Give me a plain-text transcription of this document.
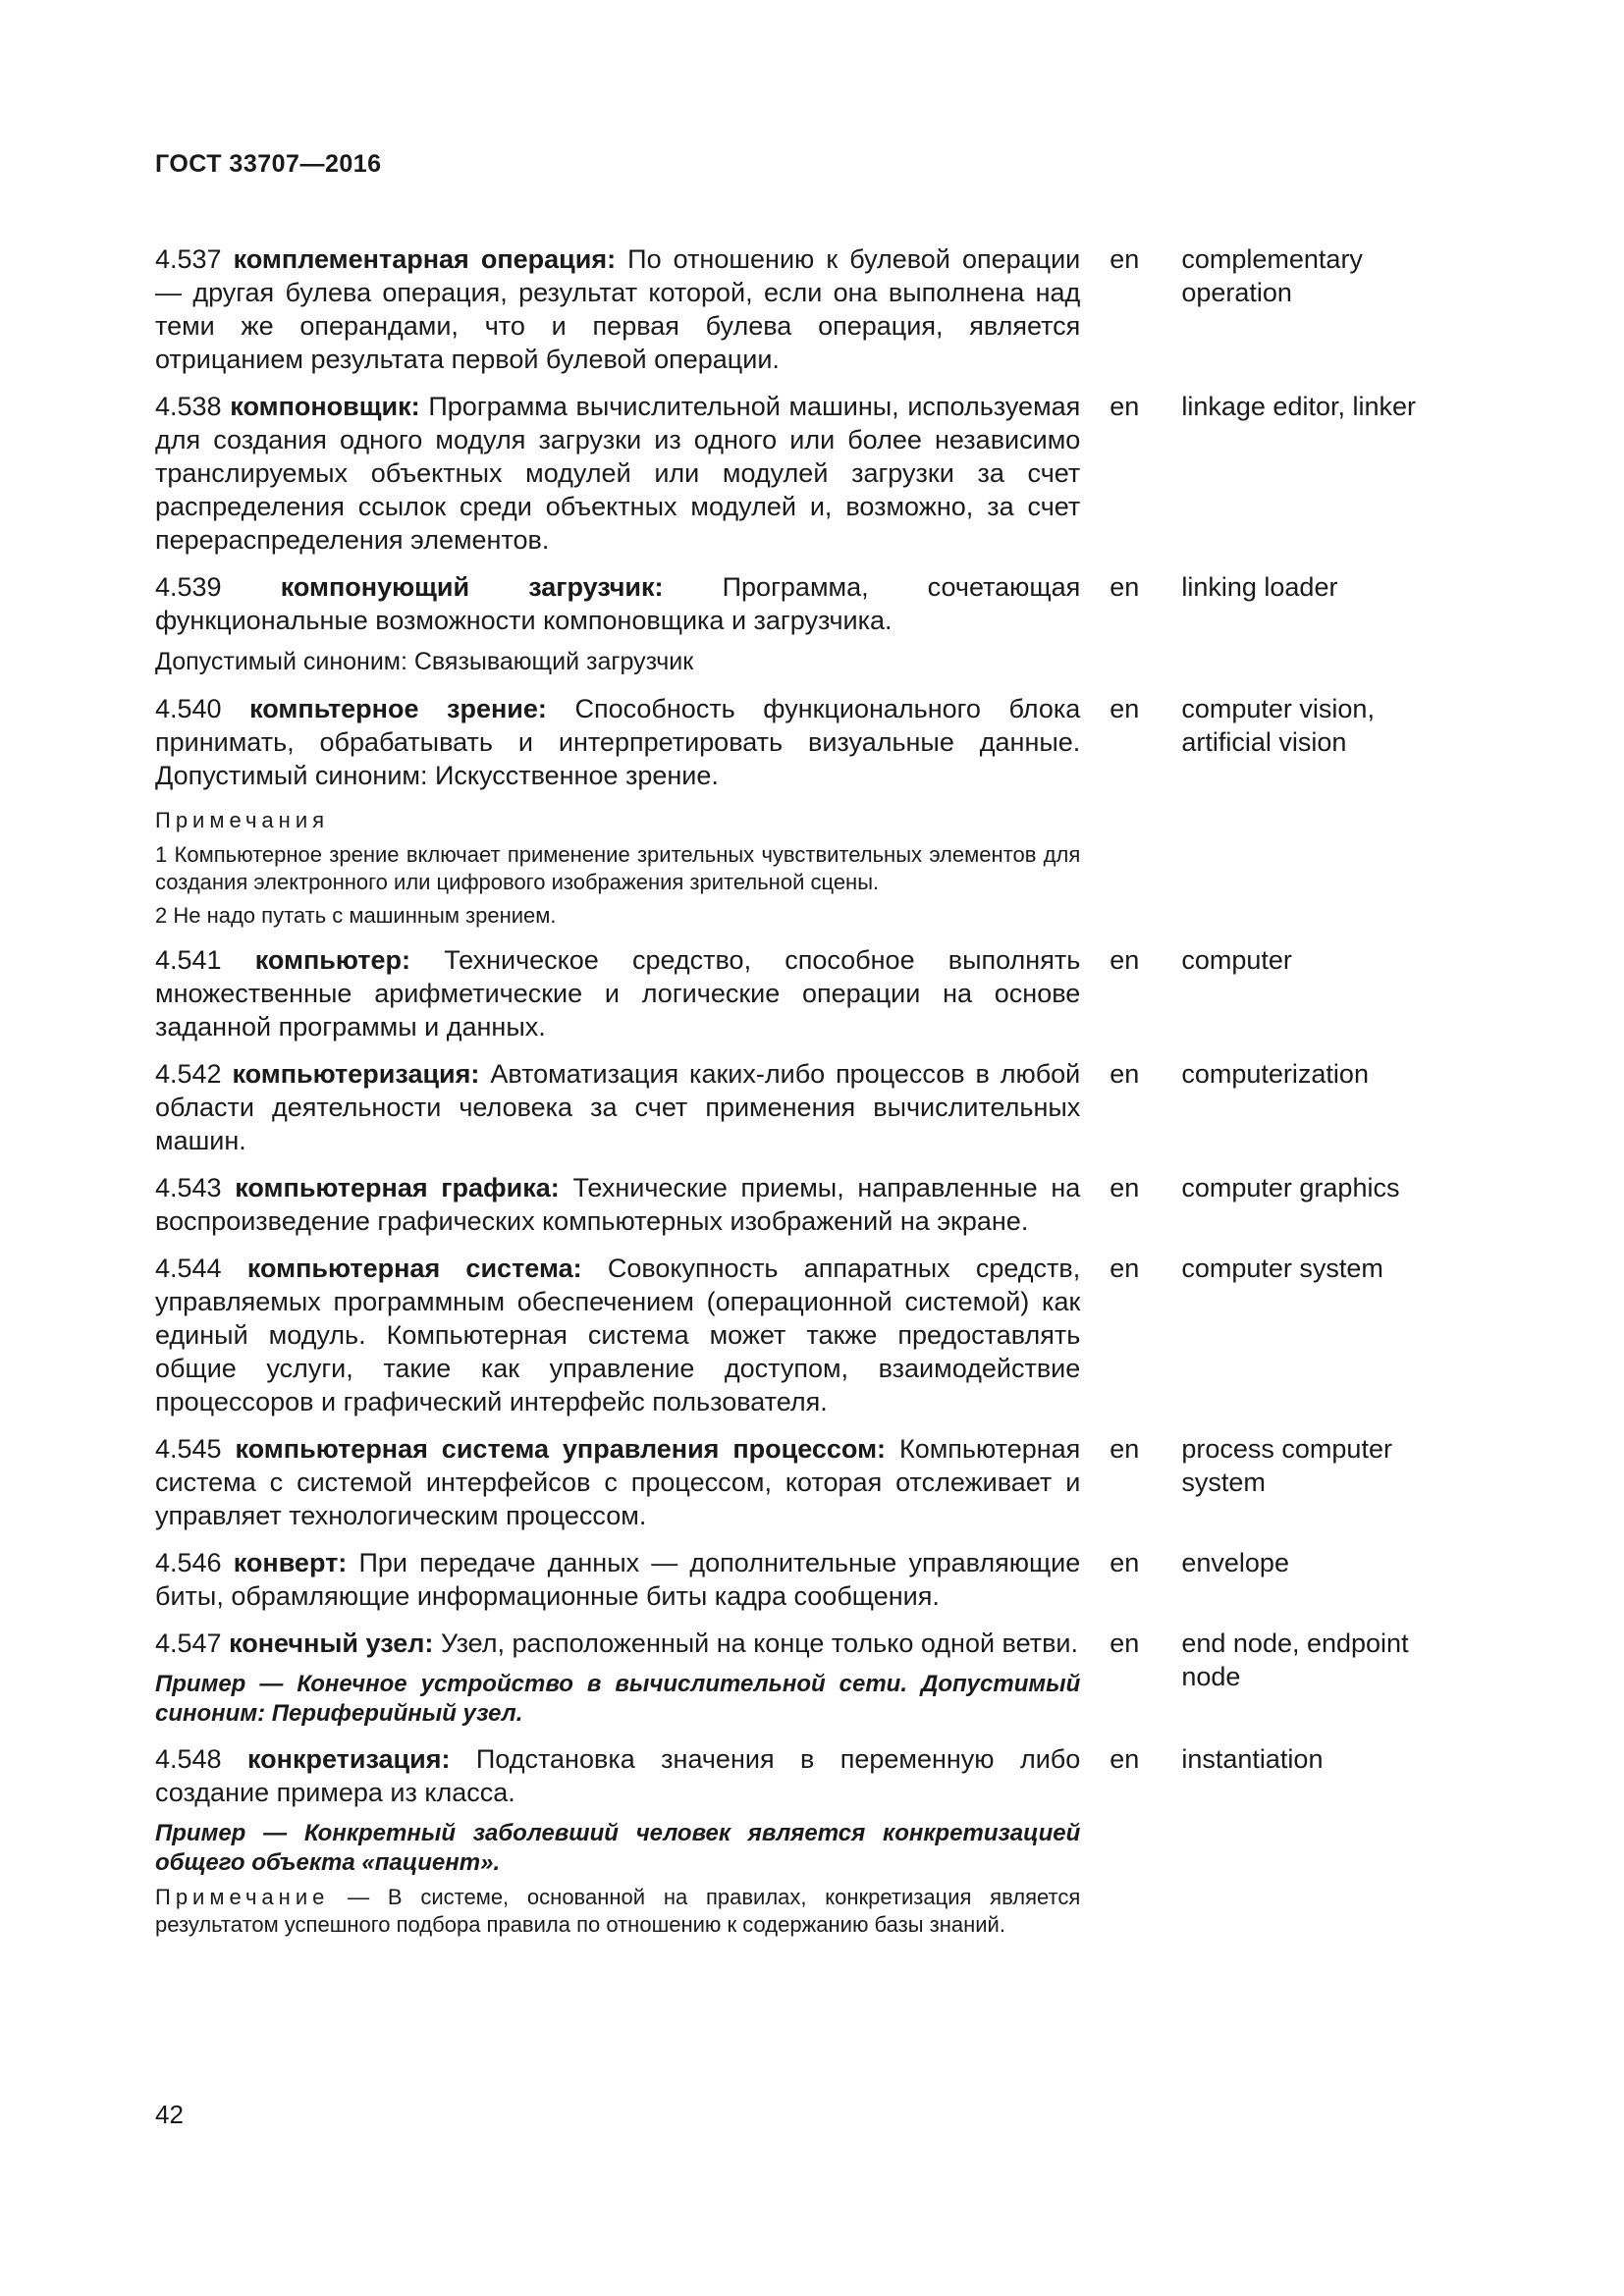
ГОСТ 33707—2016

4.537 комплементарная операция: По отношению к булевой операции — другая булева операция, результат которой, если она выполнена над теми же операндами, что и первая булева операция, является отрицанием результата первой булевой операции.

en	complementary operation

4.538 компоновщик: Программа вычислительной машины, используемая для создания одного модуля загрузки из одного или более независимо транслируемых объектных модулей или модулей загрузки за счет распределения ссылок среди объектных модулей и, возможно, за счет перераспределения элементов.

en	linkage editor, linker

4.539 компонующий загрузчик: Программа, сочетающая функциональные возможности компоновщика и загрузчика.

Допустимый синоним: Связывающий загрузчик

en	linking loader

4.540 компьтерное зрение: Способность функционального блока принимать, обрабатывать и интерпретировать визуальные данные. Допустимый синоним: Искусственное зрение.

Примечания

1 Компьютерное зрение включает применение зрительных чувствительных элементов для создания электронного или цифрового изображения зрительной сцены.

2 Не надо путать с машинным зрением.

en	computer vision, artificial vision

4.541 компьютер: Техническое средство, способное выполнять множественные арифметические и логические операции на основе заданной программы и данных.

en	computer

4.542 компьютеризация: Автоматизация каких-либо процессов в любой области деятельности человека за счет применения вычислительных машин.

en	computerization

4.543 компьютерная графика: Технические приемы, направленные на воспроизведение графических компьютерных изображений на экране.

en	computer graphics

4.544 компьютерная система: Совокупность аппаратных средств, управляемых программным обеспечением (операционной системой) как единый модуль. Компьютерная система может также предоставлять общие услуги, такие как управление доступом, взаимодействие процессоров и графический интерфейс пользователя.

en	computer system

4.545 компьютерная система управления процессом: Компьютерная система с системой интерфейсов с процессом, которая отслеживает и управляет технологическим процессом.

en	process computer system

4.546 конверт: При передаче данных — дополнительные управляющие биты, обрамляющие информационные биты кадра сообщения.

en	envelope

4.547 конечный узел: Узел, расположенный на конце только одной ветви.

Пример — Конечное устройство в вычислительной сети. Допустимый синоним: Периферийный узел.

en	end node, endpoint node

4.548 конкретизация: Подстановка значения в переменную либо создание примера из класса.

Пример — Конкретный заболевший человек является конкретизацией общего объекта «пациент».

Примечание — В системе, основанной на правилах, конкретизация является результатом успешного подбора правила по отношению к содержанию базы знаний.

en	instantiation
42
